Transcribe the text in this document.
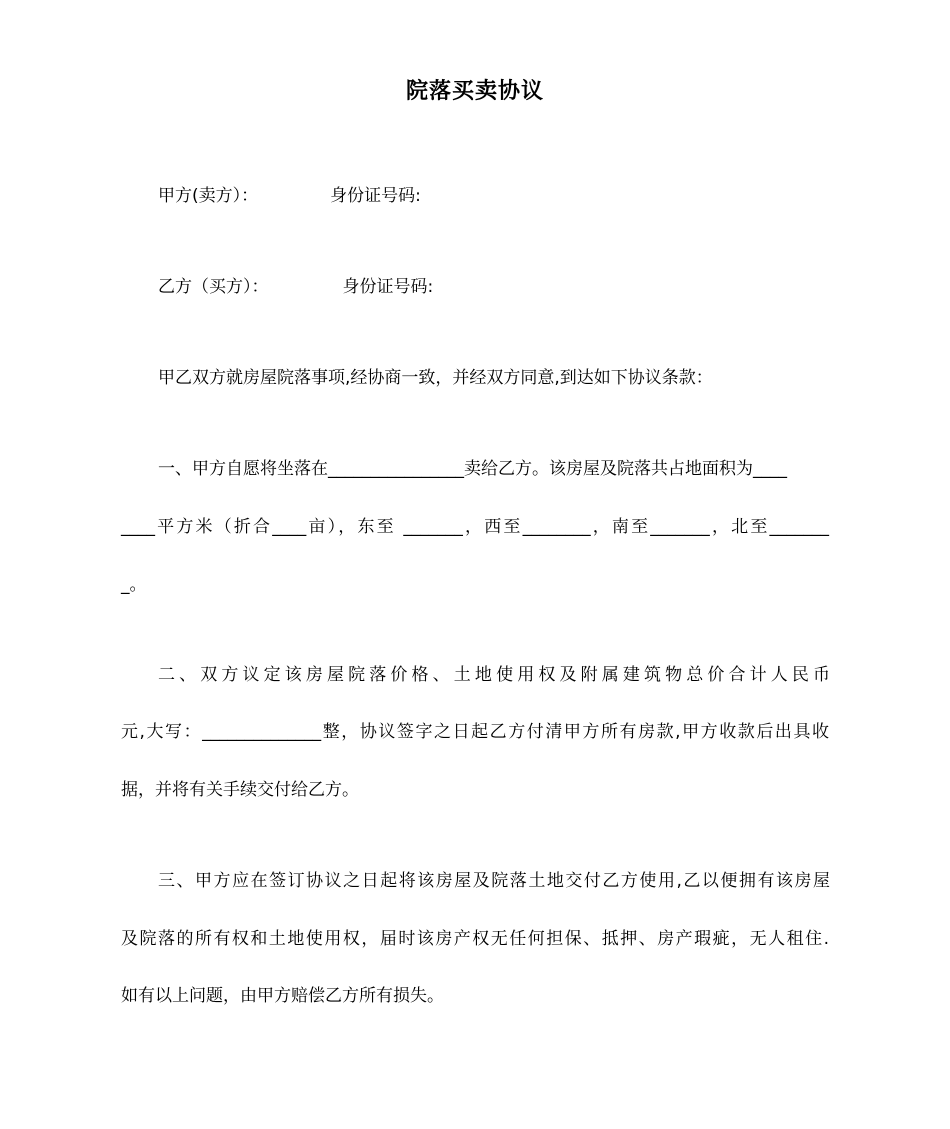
院落买卖协议
甲方(卖方）：	身份证号码:
乙方（买方）：	身份证号码:
甲乙双方就房屋院落事项,经协商一致，并经双方同意,到达如下协议条款：
一、甲方自愿将坐落在________________卖给乙方。该房屋及院落共占地面积为____
____平方米（折合____亩），东至 _______，西至________，南至_______，北至_______
_。
二、双方议定该房屋院落价格、土地使用权及附属建筑物总价合计人民币
元,大写：______________整，协议签字之日起乙方付清甲方所有房款,甲方收款后出具收
据，并将有关手续交付给乙方。
三、甲方应在签订协议之日起将该房屋及院落土地交付乙方使用,乙以便拥有该房屋
及院落的所有权和土地使用权，届时该房产权无任何担保、抵押、房产瑕疵，无人租住.
如有以上问题，由甲方赔偿乙方所有损失。
